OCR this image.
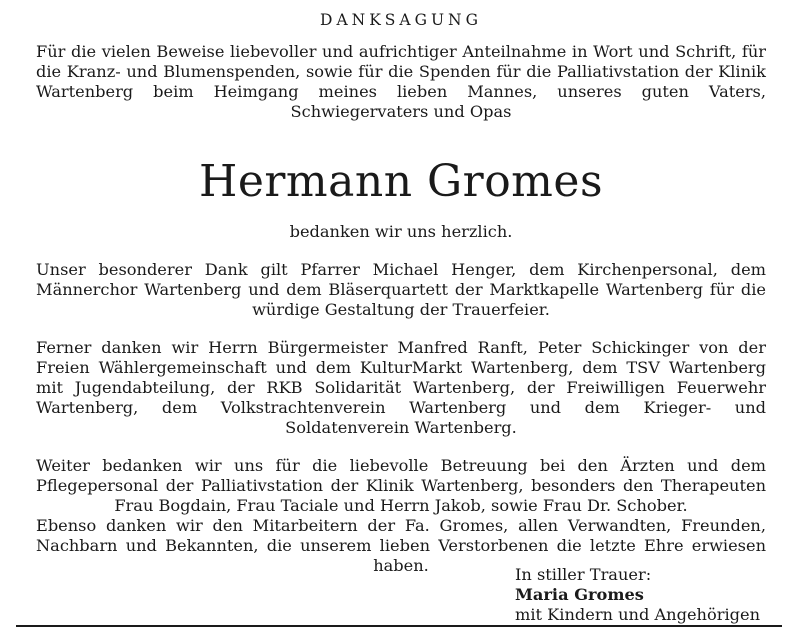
DANKSAGUNG

Für die vielen Beweise liebevoller und aufrichtiger Anteilnahme in Wort und Schrift, für die Kranz- und Blumenspenden, sowie für die Spenden für die Palliativstation der Klinik Wartenberg beim Heimgang meines lieben Mannes, unseres guten Vaters, Schwiegervaters und Opas

Hermann Gromes

bedanken wir uns herzlich.

Unser besonderer Dank gilt Pfarrer Michael Henger, dem Kirchenpersonal, dem Männerchor Wartenberg und dem Bläserquartett der Marktkapelle Wartenberg für die würdige Gestaltung der Trauerfeier.

Ferner danken wir Herrn Bürgermeister Manfred Ranft, Peter Schickinger von der Freien Wählergemeinschaft und dem KulturMarkt Wartenberg, dem TSV Wartenberg mit Jugendabteilung, der RKB Solidarität Wartenberg, der Freiwilligen Feuerwehr Wartenberg, dem Volkstrachtenverein Wartenberg und dem Krieger- und Soldatenverein Wartenberg.

Weiter bedanken wir uns für die liebevolle Betreuung bei den Ärzten und dem Pflegepersonal der Palliativstation der Klinik Wartenberg, besonders den Therapeuten Frau Bogdain, Frau Taciale und Herrn Jakob, sowie Frau Dr. Schober.

Ebenso danken wir den Mitarbeitern der Fa. Gromes, allen Verwandten, Freunden, Nachbarn und Bekannten, die unserem lieben Verstorbenen die letzte Ehre erwiesen haben.	In stiller Trauer:
Maria Gromes
mit Kindern und Angehörigen
